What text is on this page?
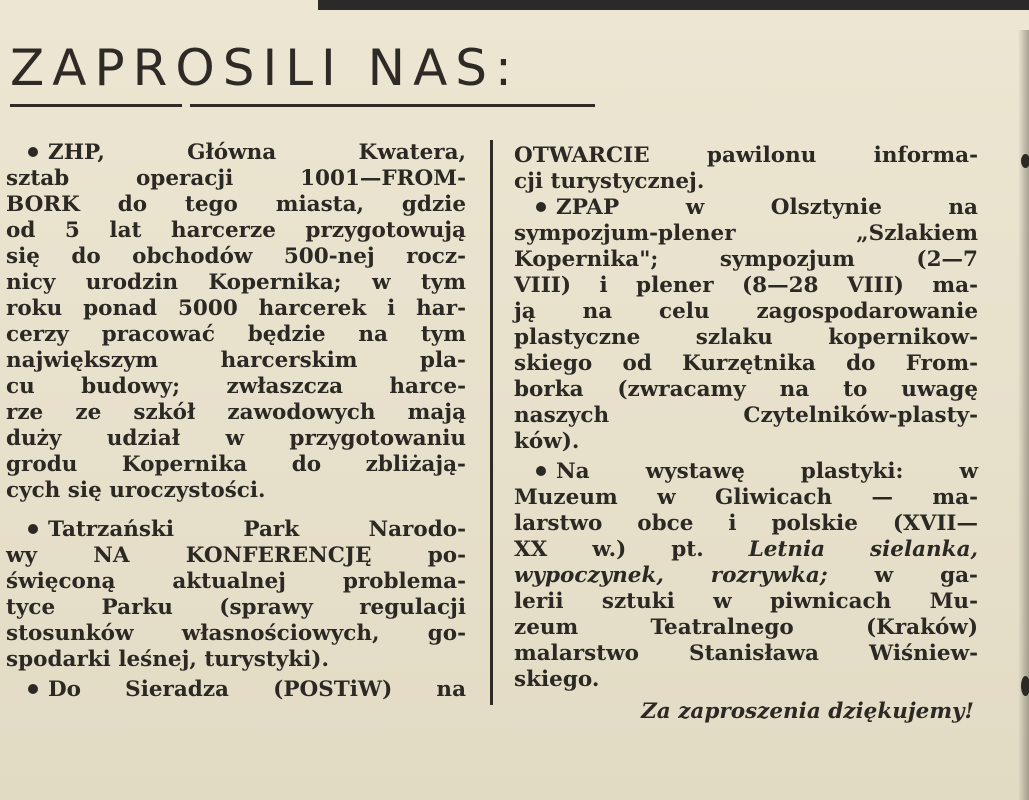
ZAPROSILI NAS:

ZHP, Główna Kwatera,

sztab operacji 1001—FROM-

BORK do tego miasta, gdzie

od 5 lat harcerze przygotowują

się do obchodów 500-nej rocz-

nicy urodzin Kopernika; w tym

roku ponad 5000 harcerek i har-

cerzy pracować będzie na tym

największym harcerskim pla-

cu budowy; zwłaszcza harce-

rze ze szkół zawodowych mają

duży udział w przygotowaniu

grodu Kopernika do zbliżają-

cych się uroczystości.

Tatrzański Park Narodo-

wy NA KONFERENCJĘ po-

święconą aktualnej problema-

tyce Parku (sprawy regulacji

stosunków własnościowych, go-

spodarki leśnej, turystyki).

Do Sieradza (POSTiW) na

OTWARCIE pawilonu informa-

cji turystycznej.

ZPAP w Olsztynie na

sympozjum-plener „Szlakiem

Kopernika"; sympozjum (2—7

VIII) i plener (8—28 VIII) ma-

ją na celu zagospodarowanie

plastyczne szlaku kopernikow-

skiego od Kurzętnika do From-

borka (zwracamy na to uwagę

naszych Czytelników-plasty-

ków).

Na wystawę plastyki: w

Muzeum w Gliwicach — ma-

larstwo obce i polskie (XVII—

XX w.) pt. Letnia sielanka,

wypoczynek, rozrywka; w ga-

lerii sztuki w piwnicach Mu-

zeum Teatralnego (Kraków)

malarstwo Stanisława Wiśniew-

skiego.

Za zaproszenia dziękujemy!
